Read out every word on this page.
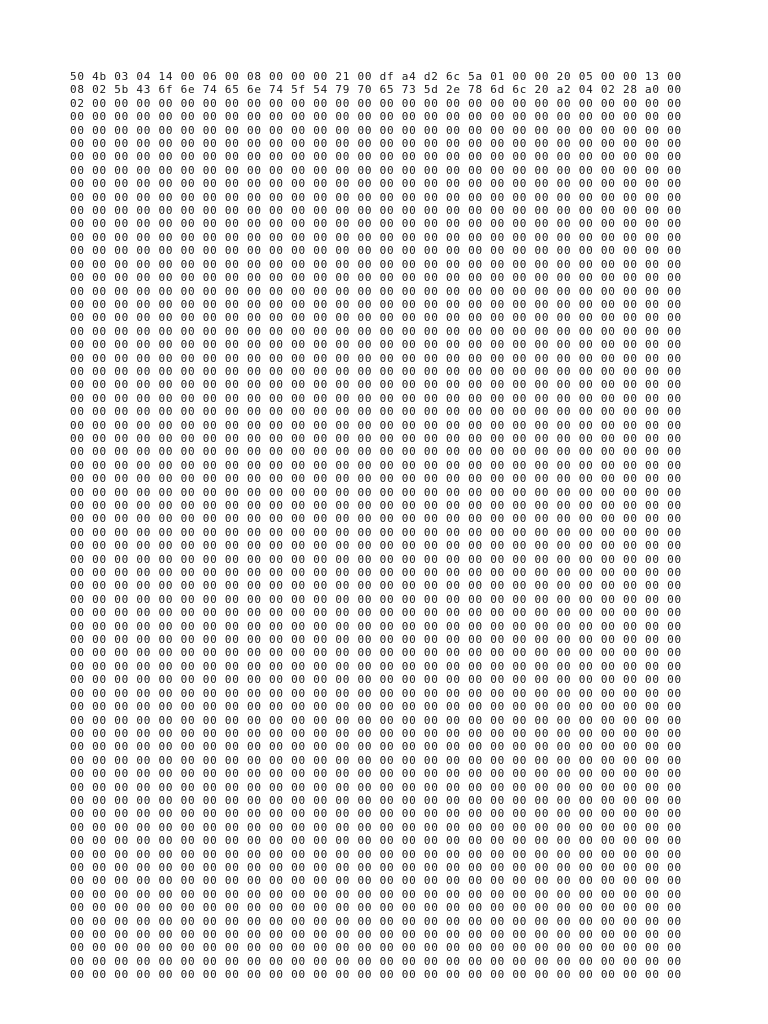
50 4b 03 04 14 00 06 00 08 00 00 00 21 00 df a4 d2 6c 5a 01 00 00 20 05 00 00 13 00
08 02 5b 43 6f 6e 74 65 6e 74 5f 54 79 70 65 73 5d 2e 78 6d 6c 20 a2 04 02 28 a0 00
02 00 00 00 00 00 00 00 00 00 00 00 00 00 00 00 00 00 00 00 00 00 00 00 00 00 00 00
00 00 00 00 00 00 00 00 00 00 00 00 00 00 00 00 00 00 00 00 00 00 00 00 00 00 00 00
00 00 00 00 00 00 00 00 00 00 00 00 00 00 00 00 00 00 00 00 00 00 00 00 00 00 00 00
00 00 00 00 00 00 00 00 00 00 00 00 00 00 00 00 00 00 00 00 00 00 00 00 00 00 00 00
00 00 00 00 00 00 00 00 00 00 00 00 00 00 00 00 00 00 00 00 00 00 00 00 00 00 00 00
00 00 00 00 00 00 00 00 00 00 00 00 00 00 00 00 00 00 00 00 00 00 00 00 00 00 00 00
00 00 00 00 00 00 00 00 00 00 00 00 00 00 00 00 00 00 00 00 00 00 00 00 00 00 00 00
00 00 00 00 00 00 00 00 00 00 00 00 00 00 00 00 00 00 00 00 00 00 00 00 00 00 00 00
00 00 00 00 00 00 00 00 00 00 00 00 00 00 00 00 00 00 00 00 00 00 00 00 00 00 00 00
00 00 00 00 00 00 00 00 00 00 00 00 00 00 00 00 00 00 00 00 00 00 00 00 00 00 00 00
00 00 00 00 00 00 00 00 00 00 00 00 00 00 00 00 00 00 00 00 00 00 00 00 00 00 00 00
00 00 00 00 00 00 00 00 00 00 00 00 00 00 00 00 00 00 00 00 00 00 00 00 00 00 00 00
00 00 00 00 00 00 00 00 00 00 00 00 00 00 00 00 00 00 00 00 00 00 00 00 00 00 00 00
00 00 00 00 00 00 00 00 00 00 00 00 00 00 00 00 00 00 00 00 00 00 00 00 00 00 00 00
00 00 00 00 00 00 00 00 00 00 00 00 00 00 00 00 00 00 00 00 00 00 00 00 00 00 00 00
00 00 00 00 00 00 00 00 00 00 00 00 00 00 00 00 00 00 00 00 00 00 00 00 00 00 00 00
00 00 00 00 00 00 00 00 00 00 00 00 00 00 00 00 00 00 00 00 00 00 00 00 00 00 00 00
00 00 00 00 00 00 00 00 00 00 00 00 00 00 00 00 00 00 00 00 00 00 00 00 00 00 00 00
00 00 00 00 00 00 00 00 00 00 00 00 00 00 00 00 00 00 00 00 00 00 00 00 00 00 00 00
00 00 00 00 00 00 00 00 00 00 00 00 00 00 00 00 00 00 00 00 00 00 00 00 00 00 00 00
00 00 00 00 00 00 00 00 00 00 00 00 00 00 00 00 00 00 00 00 00 00 00 00 00 00 00 00
00 00 00 00 00 00 00 00 00 00 00 00 00 00 00 00 00 00 00 00 00 00 00 00 00 00 00 00
00 00 00 00 00 00 00 00 00 00 00 00 00 00 00 00 00 00 00 00 00 00 00 00 00 00 00 00
00 00 00 00 00 00 00 00 00 00 00 00 00 00 00 00 00 00 00 00 00 00 00 00 00 00 00 00
00 00 00 00 00 00 00 00 00 00 00 00 00 00 00 00 00 00 00 00 00 00 00 00 00 00 00 00
00 00 00 00 00 00 00 00 00 00 00 00 00 00 00 00 00 00 00 00 00 00 00 00 00 00 00 00
00 00 00 00 00 00 00 00 00 00 00 00 00 00 00 00 00 00 00 00 00 00 00 00 00 00 00 00
00 00 00 00 00 00 00 00 00 00 00 00 00 00 00 00 00 00 00 00 00 00 00 00 00 00 00 00
00 00 00 00 00 00 00 00 00 00 00 00 00 00 00 00 00 00 00 00 00 00 00 00 00 00 00 00
00 00 00 00 00 00 00 00 00 00 00 00 00 00 00 00 00 00 00 00 00 00 00 00 00 00 00 00
00 00 00 00 00 00 00 00 00 00 00 00 00 00 00 00 00 00 00 00 00 00 00 00 00 00 00 00
00 00 00 00 00 00 00 00 00 00 00 00 00 00 00 00 00 00 00 00 00 00 00 00 00 00 00 00
00 00 00 00 00 00 00 00 00 00 00 00 00 00 00 00 00 00 00 00 00 00 00 00 00 00 00 00
00 00 00 00 00 00 00 00 00 00 00 00 00 00 00 00 00 00 00 00 00 00 00 00 00 00 00 00
00 00 00 00 00 00 00 00 00 00 00 00 00 00 00 00 00 00 00 00 00 00 00 00 00 00 00 00
00 00 00 00 00 00 00 00 00 00 00 00 00 00 00 00 00 00 00 00 00 00 00 00 00 00 00 00
00 00 00 00 00 00 00 00 00 00 00 00 00 00 00 00 00 00 00 00 00 00 00 00 00 00 00 00
00 00 00 00 00 00 00 00 00 00 00 00 00 00 00 00 00 00 00 00 00 00 00 00 00 00 00 00
00 00 00 00 00 00 00 00 00 00 00 00 00 00 00 00 00 00 00 00 00 00 00 00 00 00 00 00
00 00 00 00 00 00 00 00 00 00 00 00 00 00 00 00 00 00 00 00 00 00 00 00 00 00 00 00
00 00 00 00 00 00 00 00 00 00 00 00 00 00 00 00 00 00 00 00 00 00 00 00 00 00 00 00
00 00 00 00 00 00 00 00 00 00 00 00 00 00 00 00 00 00 00 00 00 00 00 00 00 00 00 00
00 00 00 00 00 00 00 00 00 00 00 00 00 00 00 00 00 00 00 00 00 00 00 00 00 00 00 00
00 00 00 00 00 00 00 00 00 00 00 00 00 00 00 00 00 00 00 00 00 00 00 00 00 00 00 00
00 00 00 00 00 00 00 00 00 00 00 00 00 00 00 00 00 00 00 00 00 00 00 00 00 00 00 00
00 00 00 00 00 00 00 00 00 00 00 00 00 00 00 00 00 00 00 00 00 00 00 00 00 00 00 00
00 00 00 00 00 00 00 00 00 00 00 00 00 00 00 00 00 00 00 00 00 00 00 00 00 00 00 00
00 00 00 00 00 00 00 00 00 00 00 00 00 00 00 00 00 00 00 00 00 00 00 00 00 00 00 00
00 00 00 00 00 00 00 00 00 00 00 00 00 00 00 00 00 00 00 00 00 00 00 00 00 00 00 00
00 00 00 00 00 00 00 00 00 00 00 00 00 00 00 00 00 00 00 00 00 00 00 00 00 00 00 00
00 00 00 00 00 00 00 00 00 00 00 00 00 00 00 00 00 00 00 00 00 00 00 00 00 00 00 00
00 00 00 00 00 00 00 00 00 00 00 00 00 00 00 00 00 00 00 00 00 00 00 00 00 00 00 00
00 00 00 00 00 00 00 00 00 00 00 00 00 00 00 00 00 00 00 00 00 00 00 00 00 00 00 00
00 00 00 00 00 00 00 00 00 00 00 00 00 00 00 00 00 00 00 00 00 00 00 00 00 00 00 00
00 00 00 00 00 00 00 00 00 00 00 00 00 00 00 00 00 00 00 00 00 00 00 00 00 00 00 00
00 00 00 00 00 00 00 00 00 00 00 00 00 00 00 00 00 00 00 00 00 00 00 00 00 00 00 00
00 00 00 00 00 00 00 00 00 00 00 00 00 00 00 00 00 00 00 00 00 00 00 00 00 00 00 00
00 00 00 00 00 00 00 00 00 00 00 00 00 00 00 00 00 00 00 00 00 00 00 00 00 00 00 00
00 00 00 00 00 00 00 00 00 00 00 00 00 00 00 00 00 00 00 00 00 00 00 00 00 00 00 00
00 00 00 00 00 00 00 00 00 00 00 00 00 00 00 00 00 00 00 00 00 00 00 00 00 00 00 00
00 00 00 00 00 00 00 00 00 00 00 00 00 00 00 00 00 00 00 00 00 00 00 00 00 00 00 00
00 00 00 00 00 00 00 00 00 00 00 00 00 00 00 00 00 00 00 00 00 00 00 00 00 00 00 00
00 00 00 00 00 00 00 00 00 00 00 00 00 00 00 00 00 00 00 00 00 00 00 00 00 00 00 00
00 00 00 00 00 00 00 00 00 00 00 00 00 00 00 00 00 00 00 00 00 00 00 00 00 00 00 00
00 00 00 00 00 00 00 00 00 00 00 00 00 00 00 00 00 00 00 00 00 00 00 00 00 00 00 00
00 00 00 00 00 00 00 00 00 00 00 00 00 00 00 00 00 00 00 00 00 00 00 00 00 00 00 00
